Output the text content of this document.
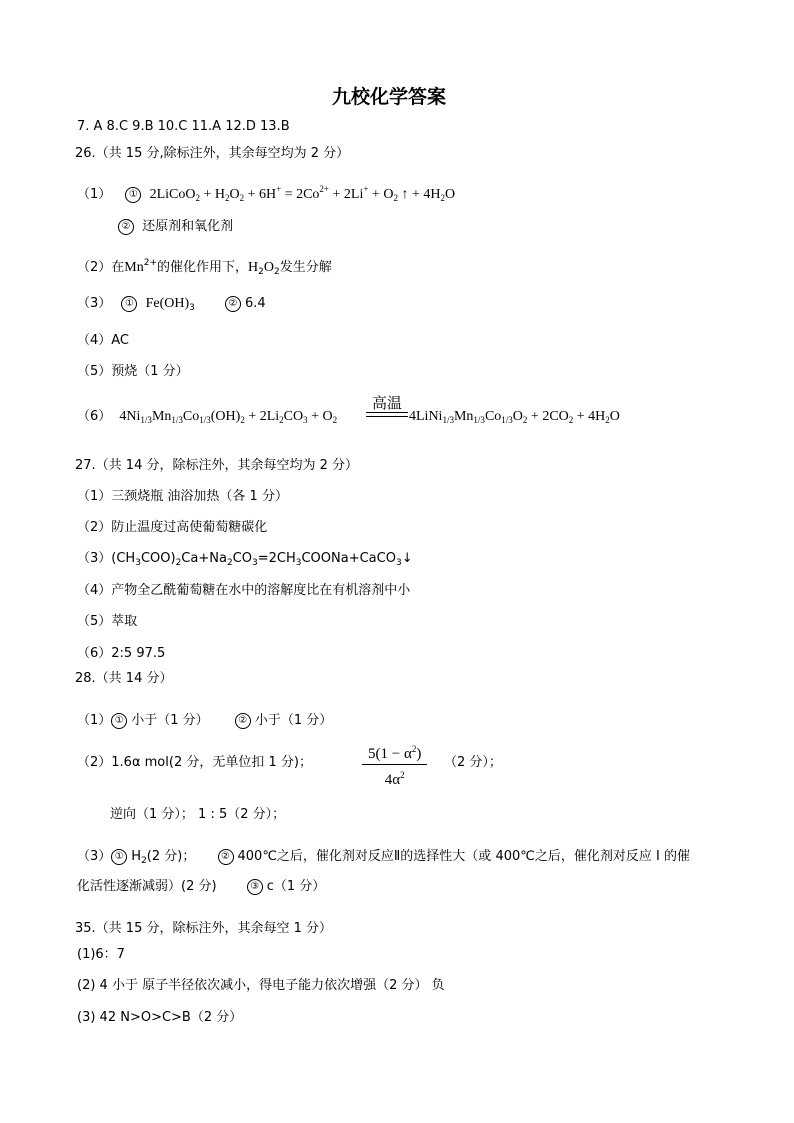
九校化学答案
7. A 8.C 9.B 10.C 11.A 12.D 13.B
26.（共 15 分,除标注外，其余每空均为 2 分）
（1） ① 2LiCoO$_2$ + $H_2O_2 + 6H^+ = 2Co^{2+} + 2Li^+ + O_2$ ↑ + $4H_2O$
② 还原剂和氧化剂
（2）在$Mn^{2+}$的催化作用下，$H_2O_2$发生分解
（3） ① $Fe(OH)_3$	② 6.4
（4）AC
（5）预烧（1 分）
（6） $4Ni_{1/3}Mn_{1/3}Co_{1/3}(OH)_2 + 2Li_2CO_3 + O_2$
高温
$4LiNi_{1/3}Mn_{1/3}Co_{1/3}O_2 + 2CO_2 + 4H_2O$
27.（共 14 分，除标注外，其余每空均为 2 分）
（1）三颈烧瓶 油浴加热（各 1 分）
（2）防止温度过高使葡萄糖碳化
$(3)(CH_3COO)_2Ca+Na_2CO_3=2CH_3COONa+CaCO_3↓$
（4）产物全乙酰葡萄糖在水中的溶解度比在有机溶剂中小
（5）萃取
（6）2:5 97.5
28.（共 14 分）
（1） ① 小于（1 分）	② 小于（1 分）
（2）1.6α mol(2 分，无单位扣 1 分)；	$\frac{5(1 - \alpha^2)}{4\alpha^2} (2$ 分）；
逆向（1 分）； 1 : 5（2 分）；
（3） ① $H_2(2$ 分)；	② 400℃之后，催化剂对反应Ⅱ的选择性大（或 400℃之后，催化剂对反应 I 的催
化活性逐渐减弱）(2 分)	③ c（1 分）
35.（共 15 分，除标注外，其余每空 1 分）
(1)6：7
(2) 4 小于 原子半径依次减小，得电子能力依次增强（2 分） 负
(3) 42 N>O>C>B（2 分）
